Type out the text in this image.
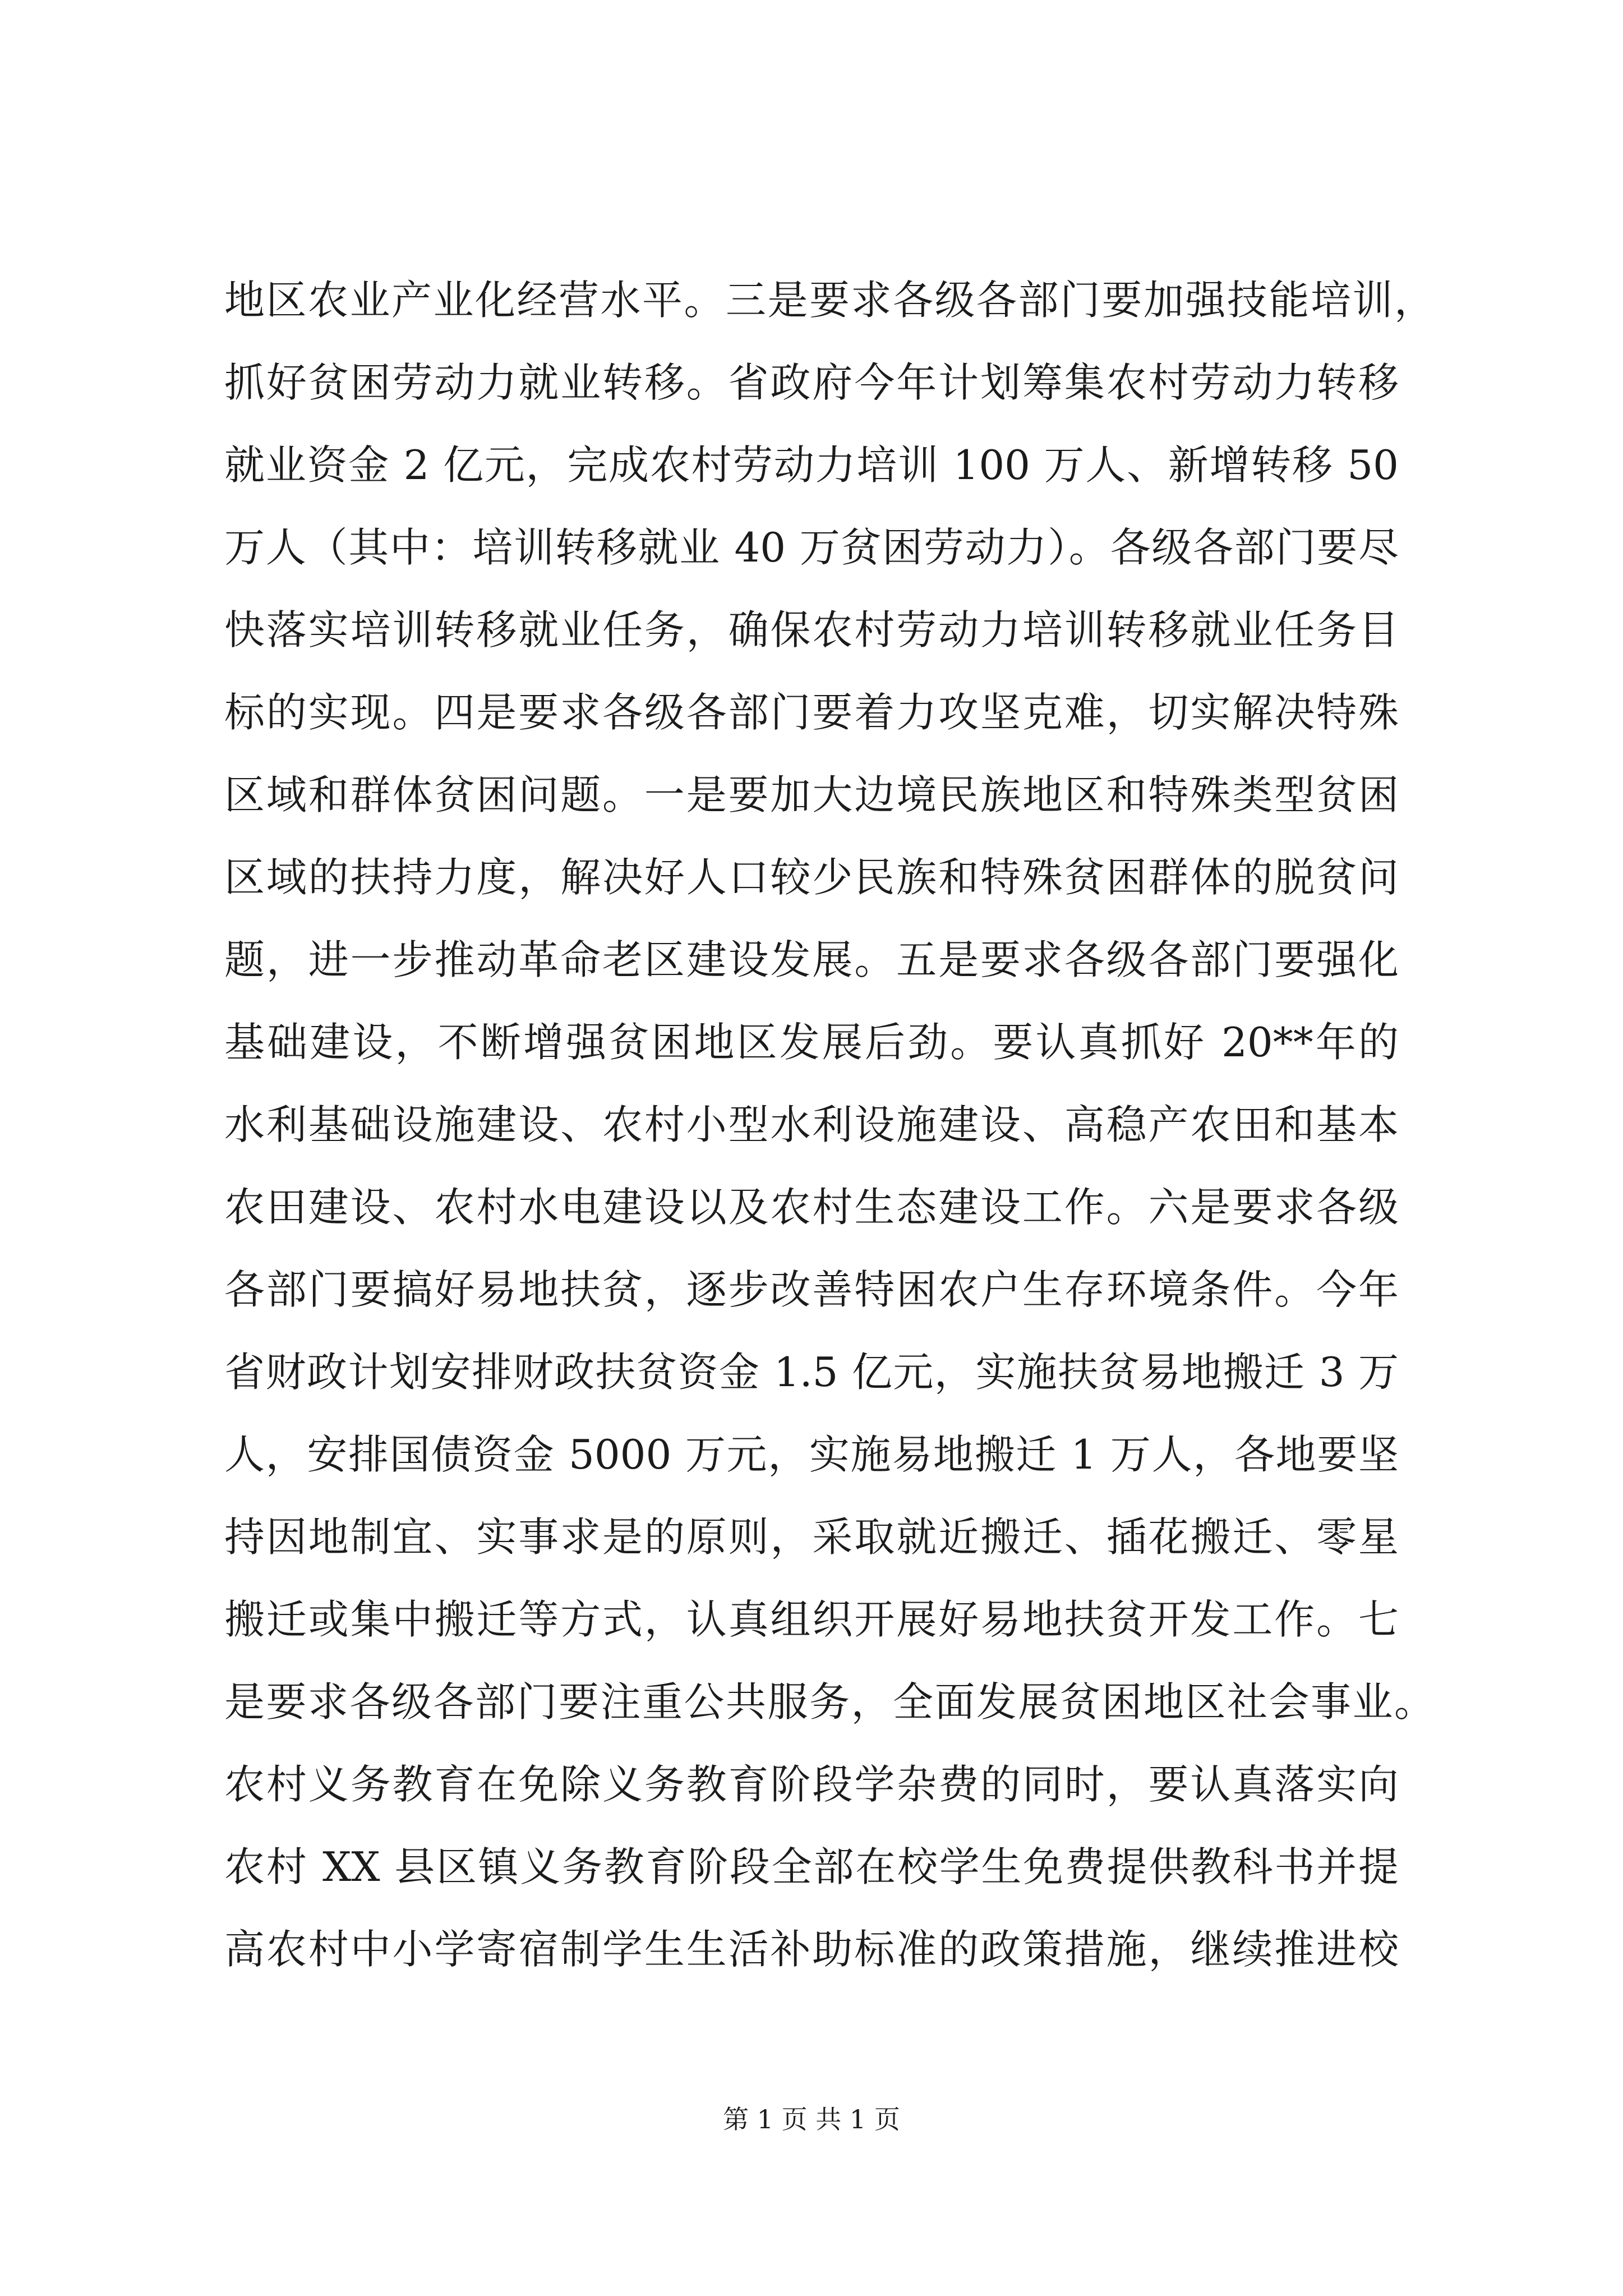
地区农业产业化经营水平。三是要求各级各部门要加强技能培训，
抓好贫困劳动力就业转移。省政府今年计划筹集农村劳动力转移
就业资金 2 亿元，完成农村劳动力培训 100 万人、新增转移 50
万人（其中：培训转移就业 40 万贫困劳动力）。各级各部门要尽
快落实培训转移就业任务，确保农村劳动力培训转移就业任务目
标的实现。四是要求各级各部门要着力攻坚克难，切实解决特殊
区域和群体贫困问题。一是要加大边境民族地区和特殊类型贫困
区域的扶持力度，解决好人口较少民族和特殊贫困群体的脱贫问
题，进一步推动革命老区建设发展。五是要求各级各部门要强化
基础建设，不断增强贫困地区发展后劲。要认真抓好 20**年的
水利基础设施建设、农村小型水利设施建设、高稳产农田和基本
农田建设、农村水电建设以及农村生态建设工作。六是要求各级
各部门要搞好易地扶贫，逐步改善特困农户生存环境条件。今年
省财政计划安排财政扶贫资金 1.5 亿元，实施扶贫易地搬迁 3 万
人，安排国债资金 5000 万元，实施易地搬迁 1 万人，各地要坚
持因地制宜、实事求是的原则，采取就近搬迁、插花搬迁、零星
搬迁或集中搬迁等方式，认真组织开展好易地扶贫开发工作。七
是要求各级各部门要注重公共服务，全面发展贫困地区社会事业。
农村义务教育在免除义务教育阶段学杂费的同时，要认真落实向
农村 XX 县区镇义务教育阶段全部在校学生免费提供教科书并提
高农村中小学寄宿制学生生活补助标准的政策措施，继续推进校
第 1 页 共 1 页
